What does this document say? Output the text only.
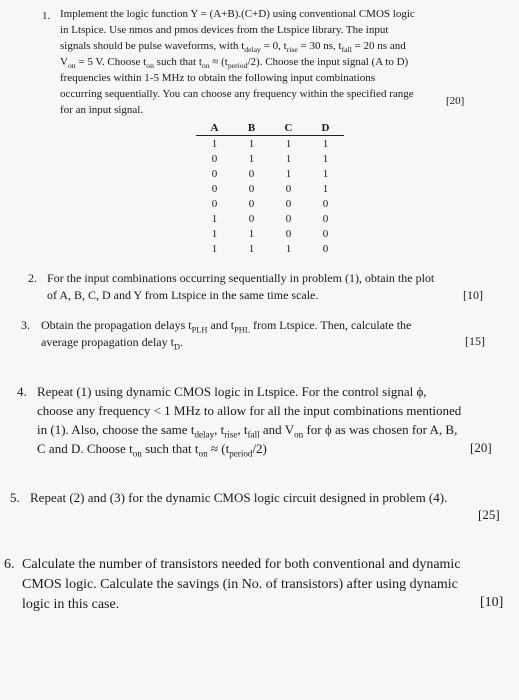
1. Implement the logic function Y = (A+B).(C+D) using conventional CMOS logic
in Ltspice. Use nmos and pmos devices from the Ltspice library. The input
signals should be pulse waveforms, with $t_{delay} = 0$, $t_{rise} = 30$ ns, $t_{fall} = 20$ ns and
$V_{on} = 5$ V. Choose $t_{on}$ such that $t_{on} \approx (t_{period}/2)$. Choose the input signal (A to D)
frequencies within 1-5 MHz to obtain the following input combinations
occurring sequentially. You can choose any frequency within the specified range
for an input signal.
[20]
A	B	C	D
1	1	1	1
0	1	1	1
0	0	1	1
0	0	0	1
0	0	0	0
1	0	0	0
1	1	0	0
1	1	1	0
2. For the input combinations occurring sequentially in problem (1), obtain the plot
of A, B, C, D and Y from Ltspice in the same time scale.	[10]
3. Obtain the propagation delays $t_{PLH}$ and $t_{PHL}$ from Ltspice. Then, calculate the
average propagation delay $t_D$.	[15]
4. Repeat (1) using dynamic CMOS logic in Ltspice. For the control signal ϕ,
choose any frequency < 1 MHz to allow for all the input combinations mentioned
in (1). Also, choose the same $t_{delay}$, $t_{rise}$, $t_{fall}$ and $V_{on}$ for ϕ as was chosen for A, B,
C and D. Choose $t_{on}$ such that $t_{on} \approx (t_{period}/2)$	[20]
5. Repeat (2) and (3) for the dynamic CMOS logic circuit designed in problem (4).
[25]
6. Calculate the number of transistors needed for both conventional and dynamic
CMOS logic. Calculate the savings (in No. of transistors) after using dynamic
logic in this case.	[10]
